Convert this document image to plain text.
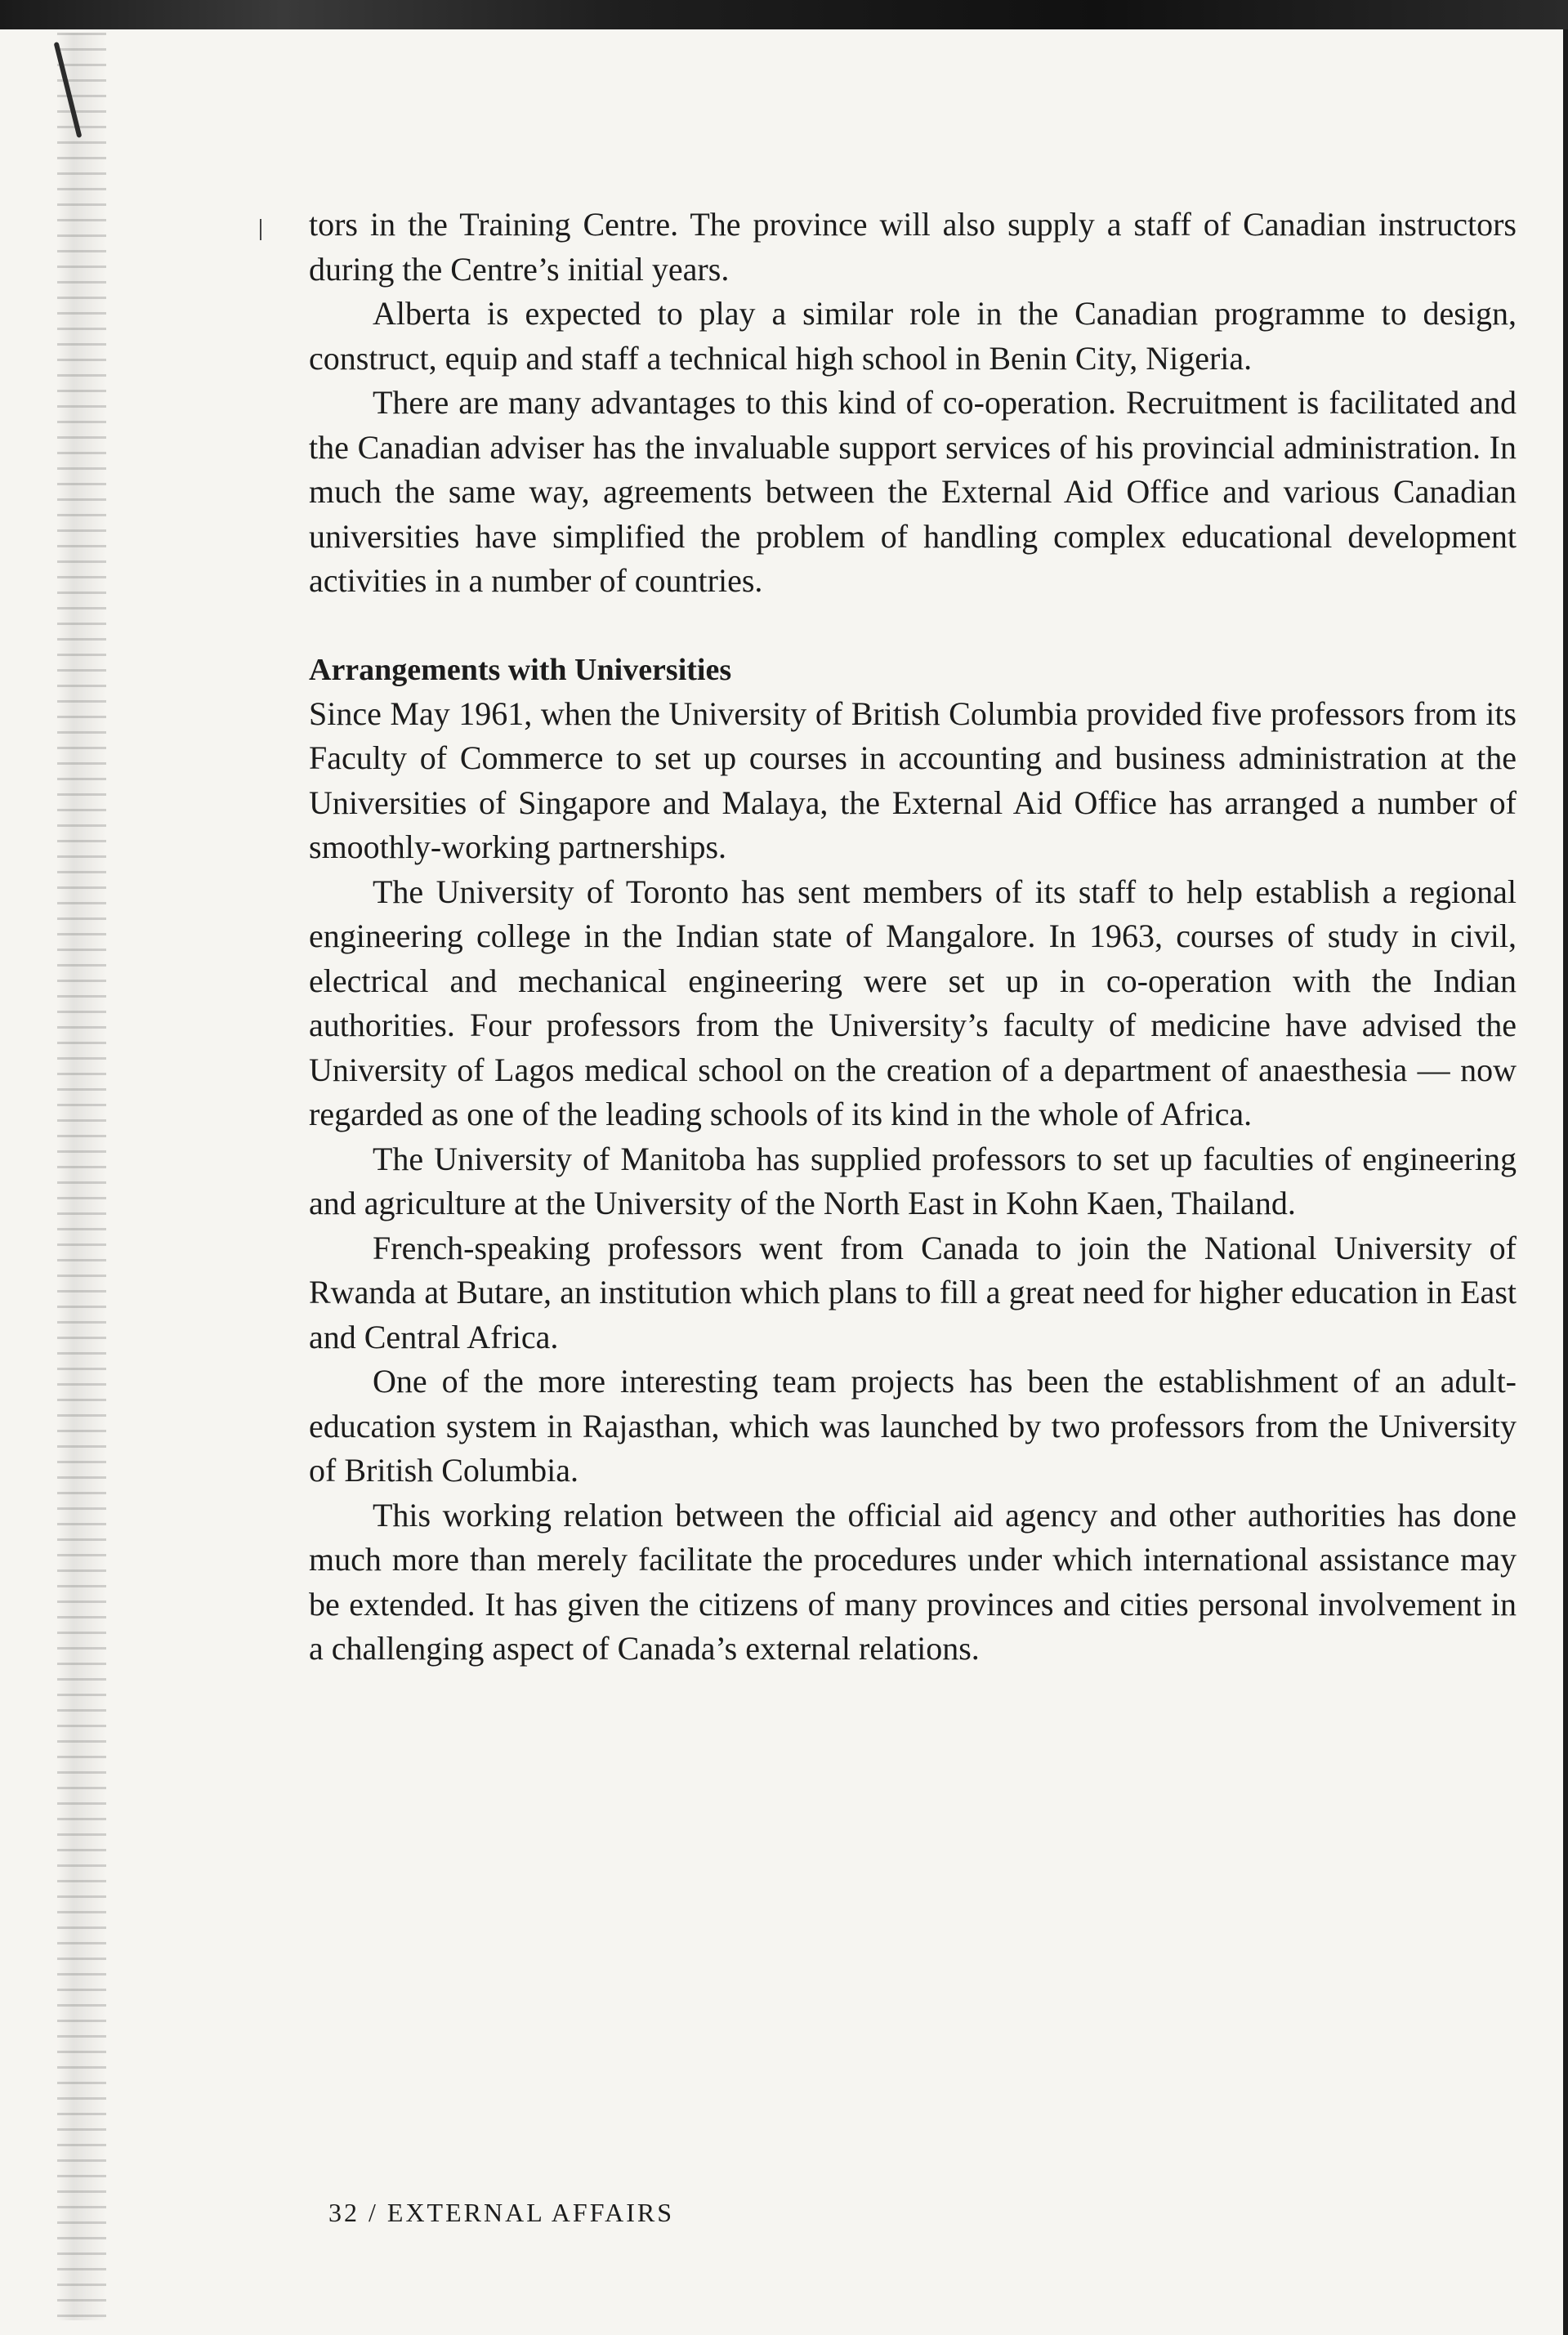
tors in the Training Centre. The province will also supply a staff of Canadian instructors during the Centre’s initial years.

Alberta is expected to play a similar role in the Canadian programme to design, construct, equip and staff a technical high school in Benin City, Nigeria.

There are many advantages to this kind of co-operation. Recruitment is facilitated and the Canadian adviser has the invaluable support services of his provincial administration. In much the same way, agreements between the External Aid Office and various Canadian universities have simplified the problem of handling complex educational development activities in a number of countries.

Arrangements with Universities

Since May 1961, when the University of British Columbia provided five professors from its Faculty of Commerce to set up courses in accounting and business administration at the Universities of Singapore and Malaya, the External Aid Office has arranged a number of smoothly-working partnerships.

The University of Toronto has sent members of its staff to help establish a regional engineering college in the Indian state of Mangalore. In 1963, courses of study in civil, electrical and mechanical engineering were set up in co-operation with the Indian authorities. Four professors from the University’s faculty of medicine have advised the University of Lagos medical school on the creation of a department of anaesthesia — now regarded as one of the leading schools of its kind in the whole of Africa.

The University of Manitoba has supplied professors to set up faculties of engineering and agriculture at the University of the North East in Kohn Kaen, Thailand.

French-speaking professors went from Canada to join the National University of Rwanda at Butare, an institution which plans to fill a great need for higher education in East and Central Africa.

One of the more interesting team projects has been the establishment of an adult-education system in Rajasthan, which was launched by two professors from the University of British Columbia.

This working relation between the official aid agency and other authorities has done much more than merely facilitate the procedures under which international assistance may be extended. It has given the citizens of many provinces and cities personal involvement in a challenging aspect of Canada’s external relations.

32 / EXTERNAL AFFAIRS
